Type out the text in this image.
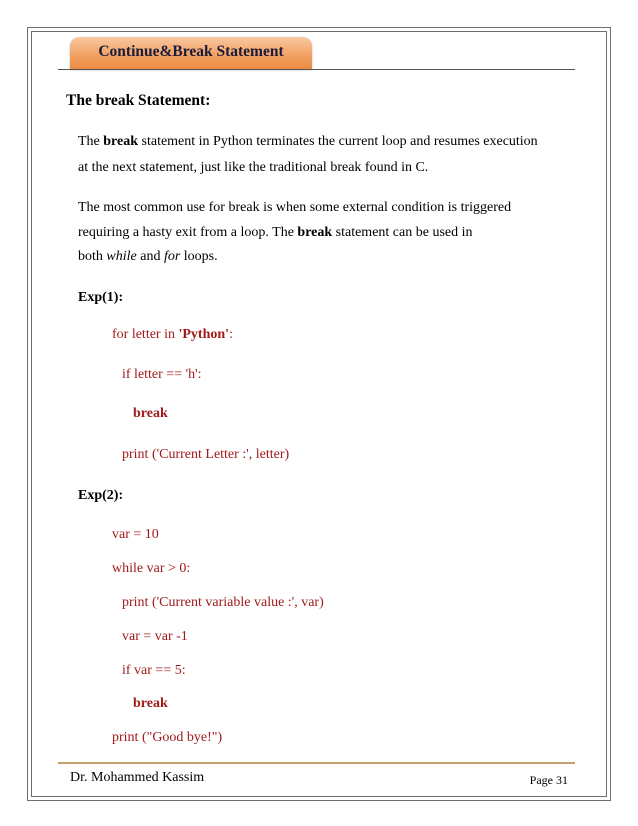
Continue&Break Statement
The break Statement:
The break statement in Python terminates the current loop and resumes execution
at the next statement, just like the traditional break found in C.
The most common use for break is when some external condition is triggered
requiring a hasty exit from a loop. The break statement can be used in
both while and for loops.
Exp(1):
for letter in 'Python':
if letter == 'h':
break
print ('Current Letter :', letter)
Exp(2):
var = 10
while var > 0:
print ('Current variable value :', var)
var = var -1
if var == 5:
break
print ("Good bye!")
Dr. Mohammed Kassim	Page 31
